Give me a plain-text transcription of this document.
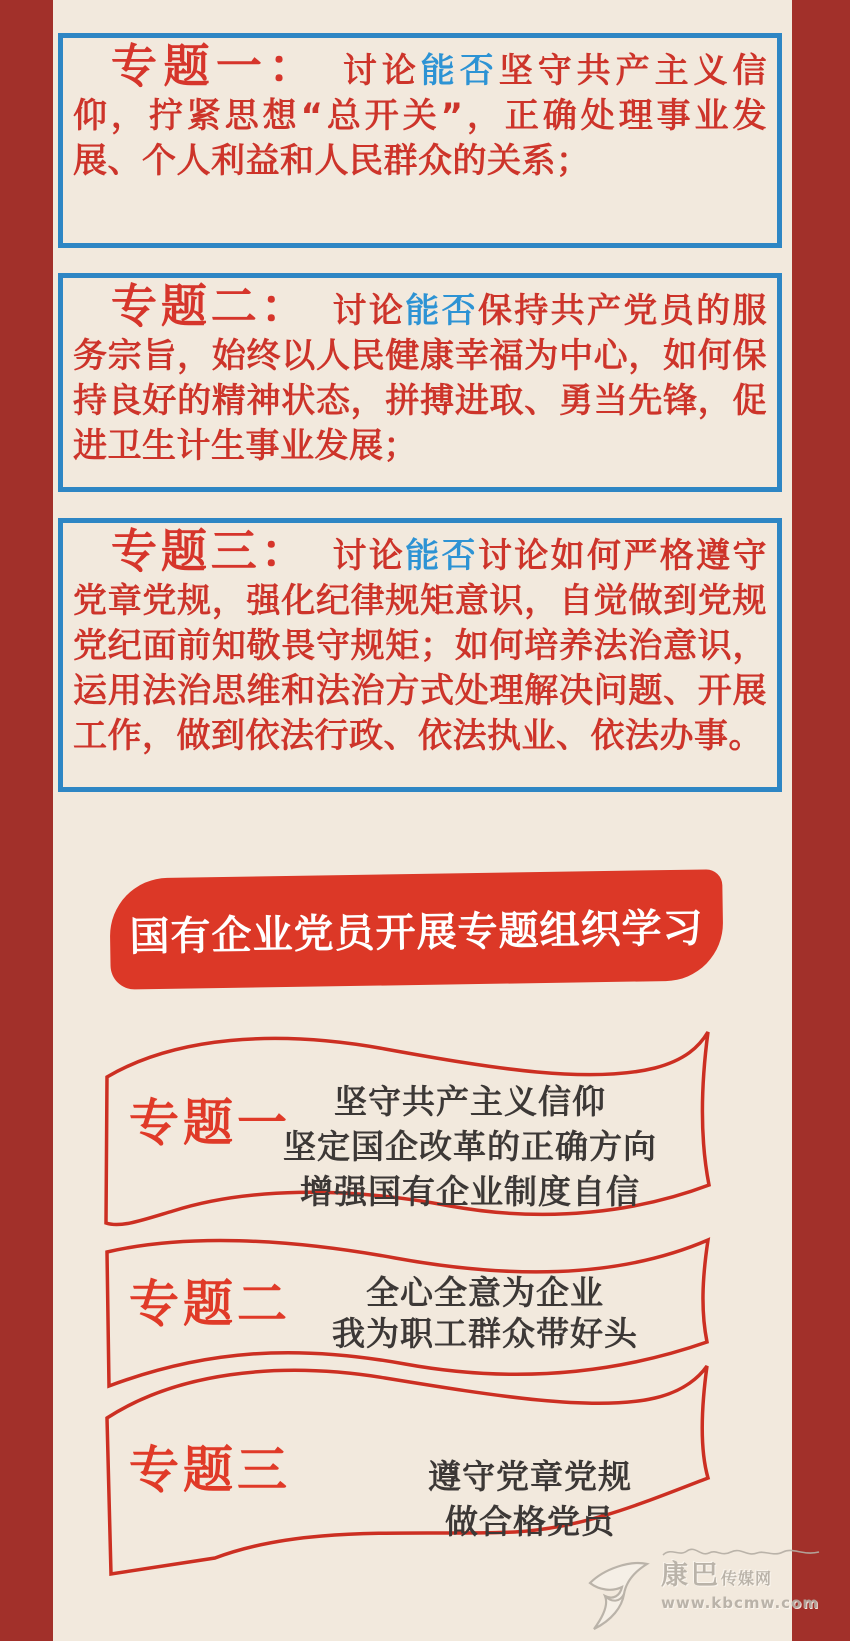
专题一： 讨论能否坚守共产主义信仰，拧紧思想“总开关”，正确处理事业发展、个人利益和人民群众的关系；

专题二： 讨论能否保持共产党员的服务宗旨，始终以人民健康幸福为中心，如何保持良好的精神状态，拼搏进取、勇当先锋，促进卫生计生事业发展；

专题三： 讨论能否讨论如何严格遵守党章党规，强化纪律规矩意识，自觉做到党规党纪面前知敬畏守规矩；如何培养法治意识，运用法治思维和法治方式处理解决问题、开展工作，做到依法行政、依法执业、依法办事。

国有企业党员开展专题组织学习
专题一	坚守共产主义信仰
坚定国企改革的正确方向
增强国有企业制度自信
专题二	全心全意为企业
我为职工群众带好头
专题三	遵守党章党规
做合格党员
康巴传媒网
www.kbcmw.com
